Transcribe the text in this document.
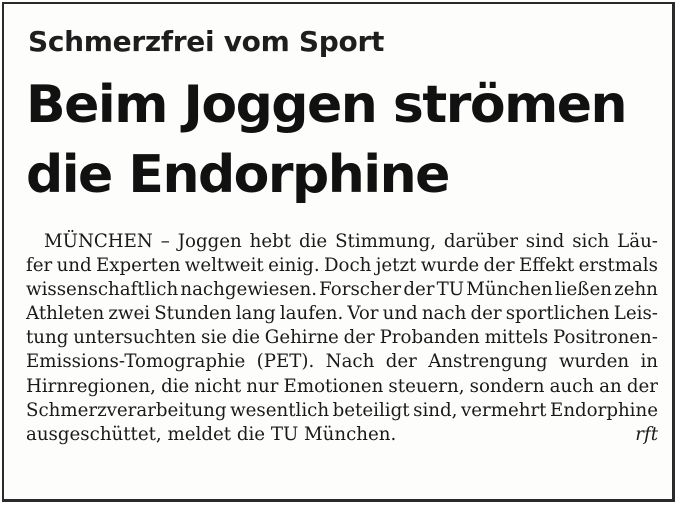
Schmerzfrei vom Sport
Beim Joggen strömen
die Endorphine
MÜNCHEN – Joggen hebt die Stimmung, darüber sind sich Läu-
fer und Experten weltweit einig. Doch jetzt wurde der Effekt erstmals
wissenschaftlich nachgewiesen. Forscher der TU München ließen zehn
Athleten zwei Stunden lang laufen. Vor und nach der sportlichen Leis-
tung untersuchten sie die Gehirne der Probanden mittels Positronen-
Emissions-Tomographie (PET). Nach der Anstrengung wurden in
Hirnregionen, die nicht nur Emotionen steuern, sondern auch an der
Schmerzverarbeitung wesentlich beteiligt sind, vermehrt Endorphine
ausgeschüttet, meldet die TU München.	rft
